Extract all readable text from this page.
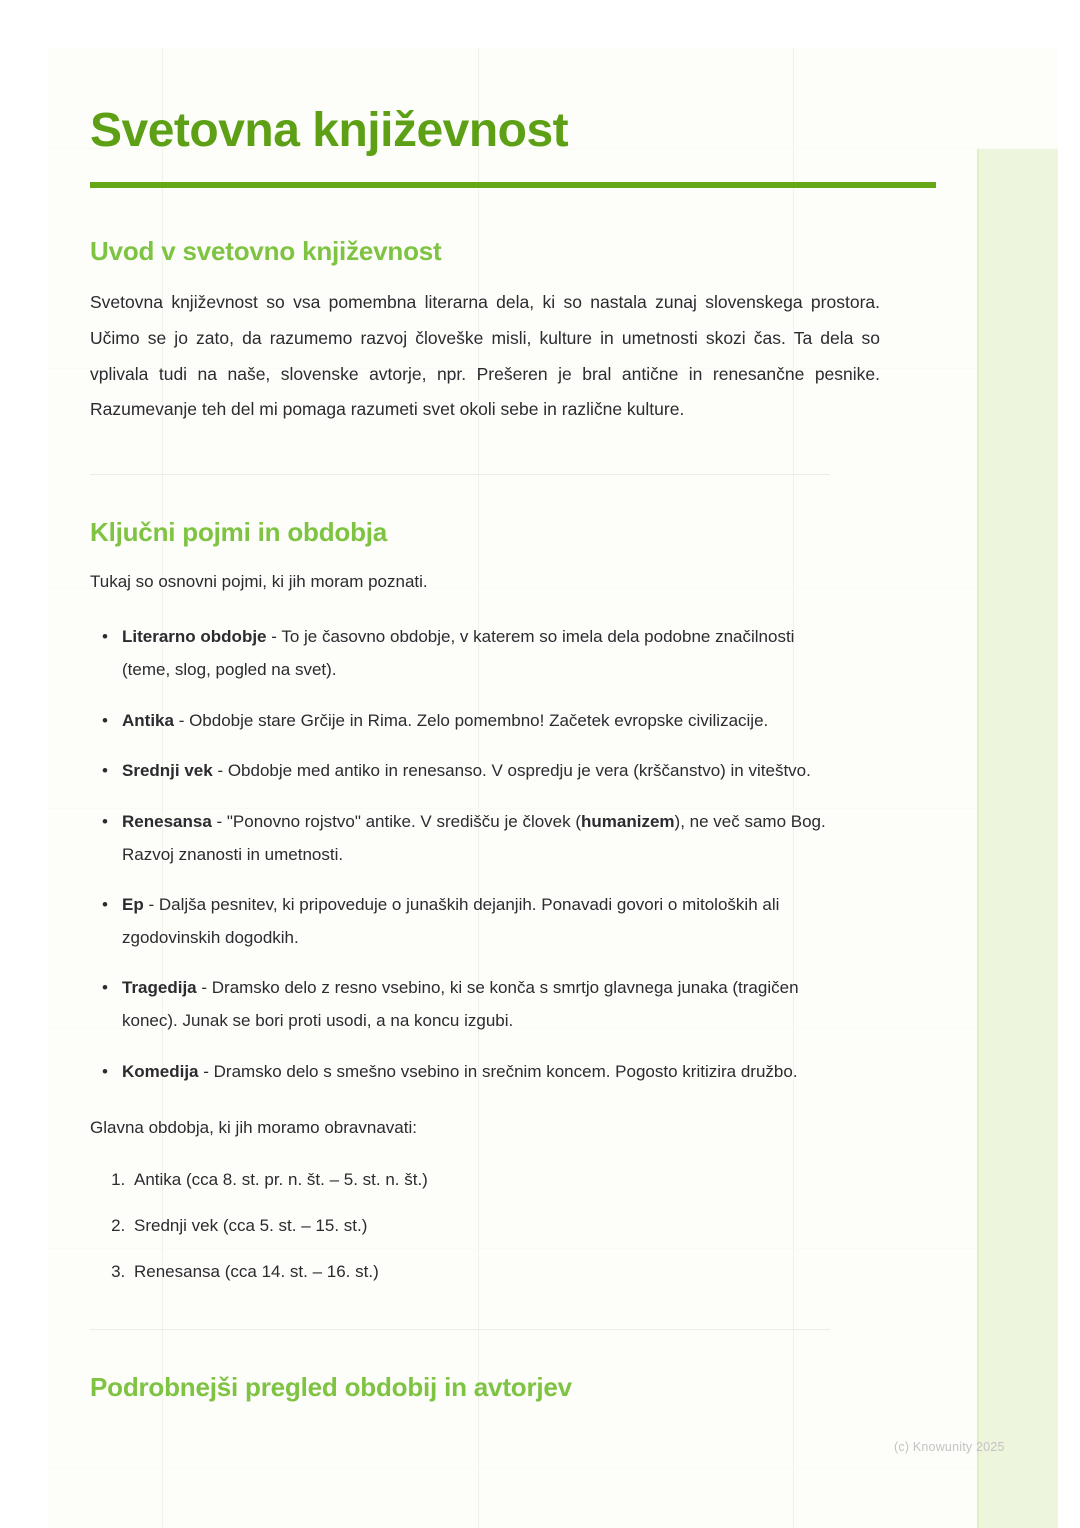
Svetovna književnost
Uvod v svetovno književnost

Svetovna književnost so vsa pomembna literarna dela, ki so nastala zunaj slovenskega prostora. Učimo se jo zato, da razumemo razvoj človeške misli, kulture in umetnosti skozi čas. Ta dela so vplivala tudi na naše, slovenske avtorje, npr. Prešeren je bral antične in renesančne pesnike. Razumevanje teh del mi pomaga razumeti svet okoli sebe in različne kulture.

Ključni pojmi in obdobja

Tukaj so osnovni pojmi, ki jih moram poznati.

• Literarno obdobje - To je časovno obdobje, v katerem so imela dela podobne značilnosti (teme, slog, pogled na svet).
• Antika - Obdobje stare Grčije in Rima. Zelo pomembno! Začetek evropske civilizacije.
• Srednji vek - Obdobje med antiko in renesanso. V ospredju je vera (krščanstvo) in viteštvo.
• Renesansa - "Ponovno rojstvo" antike. V središču je človek (humanizem), ne več samo Bog. Razvoj znanosti in umetnosti.
• Ep - Daljša pesnitev, ki pripoveduje o junaških dejanjih. Ponavadi govori o mitoloških ali zgodovinskih dogodkih.
• Tragedija - Dramsko delo z resno vsebino, ki se konča s smrtjo glavnega junaka (tragičen konec). Junak se bori proti usodi, a na koncu izgubi.
• Komedija - Dramsko delo s smešno vsebino in srečnim koncem. Pogosto kritizira družbo.

Glavna obdobja, ki jih moramo obravnavati:

1. Antika (cca 8. st. pr. n. št. – 5. st. n. št.)
2. Srednji vek (cca 5. st. – 15. st.)
3. Renesansa (cca 14. st. – 16. st.)
Podrobnejši pregled obdobij in avtorjev
(c) Knowunity 2025
